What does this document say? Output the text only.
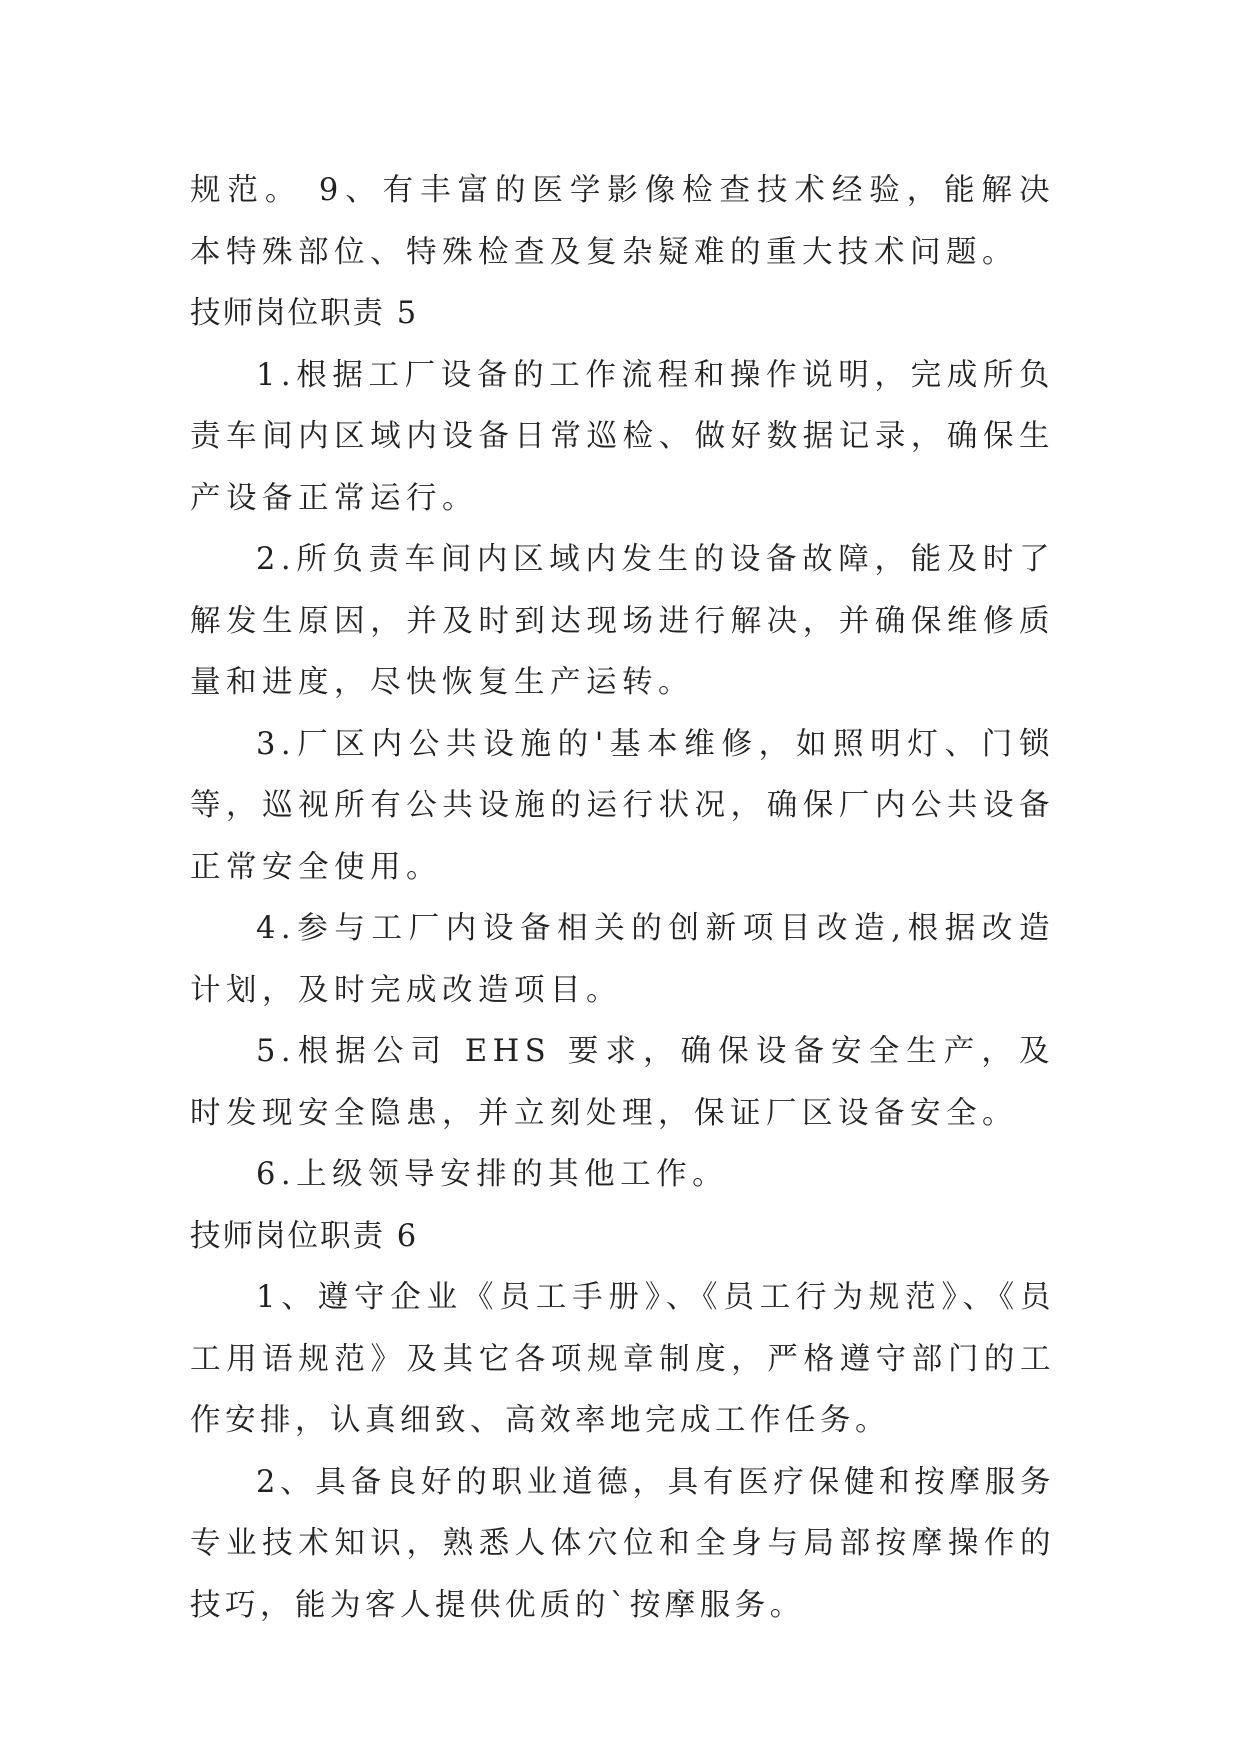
规范。 9、有丰富的医学影像检查技术经验，能解决本特殊部位、特殊检查及复杂疑难的重大技术问题。

技师岗位职责 5

1.根据工厂设备的工作流程和操作说明，完成所负责车间内区域内设备日常巡检、做好数据记录，确保生产设备正常运行。

2.所负责车间内区域内发生的设备故障，能及时了解发生原因，并及时到达现场进行解决，并确保维修质量和进度，尽快恢复生产运转。

3.厂区内公共设施的'基本维修，如照明灯、门锁等，巡视所有公共设施的运行状况，确保厂内公共设备正常安全使用。

4.参与工厂内设备相关的创新项目改造,根据改造计划，及时完成改造项目。

5.根据公司 EHS 要求，确保设备安全生产，及时发现安全隐患，并立刻处理，保证厂区设备安全。

6.上级领导安排的其他工作。

技师岗位职责 6

1、遵守企业《员工手册》、《员工行为规范》、《员工用语规范》及其它各项规章制度，严格遵守部门的工作安排，认真细致、高效率地完成工作任务。

2、具备良好的职业道德，具有医疗保健和按摩服务专业技术知识，熟悉人体穴位和全身与局部按摩操作的技巧，能为客人提供优质的`按摩服务。
